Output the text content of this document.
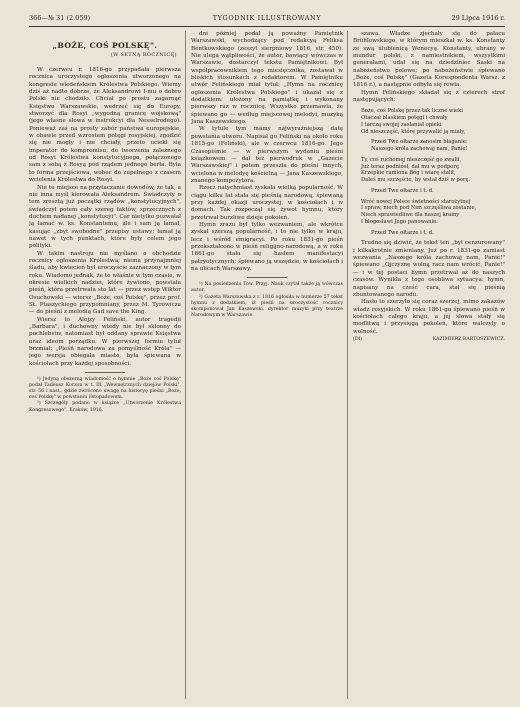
366—№ 31 (2.059)	TYGODNIK ILLUSTROWANY	29 Lipca 1916 r.
„BOŻE, COŚ POLSKĘ".
(W SETNĄ ROCZNICĘ)

W czerwcu r. 1816-go przypadała pierwsza rocznica uroczystego ogłoszenia utworzonego na kongresie wiedeńskiem Królestwa Polskiego. Wiemy dziś aż nadto dobrze, że Aleksandrowi I-mu o dobro Polski nie chodziło. Chciał po prostu zagarnąć Księstwo Warszawskie, wedrzeć się do Europy, stworzyć dla Rosyi „wygodną granicę wojskową" (jego własne słowa w instrukcyi dla Nesselrodego). Ponieważ zaś na prosty zabór państwa europejskie, w obawie przed wzrostem potęgi rosyjskiej, zgodzić się nie mogły i nie chciały, przeto uciekł się imperator do kompromisu, do tworzenia zależnego od Rosyi Królestwa konstytucyjnego, połączonego sam z sobą z Rosyą pod rządem jednego berła. Była to forma przejściowa, wobec do zupełnego z czasem wcielenia Królestwa do Rosyi.

Nie tu miejsce na przytaczanie dowodów, że tak, a nie inna myśl kierowała Aleksandrem. Świadczyły o tem zresztą już początki rządów „konstytucyjnych", świadczył potem cały szereg faktów, sprzecznych z duchem nadanej „konstytucyi". Car nietylko pozwalał ją łamać w. ks. Konstantemu, ale i sam ją łamał, kasując „zbyt swobodne" przepisy ustawy; łamał ją nawet w tych punktach, które były celem jego polityki.

W takim nastroju nie myślano o obchodzie rocznicy ogłoszenia Królestwa; niema przynajmniej śladu, aby kwiecień był uroczyście zaznaczony w tym roku. Wiadomo jednak, że to właśnie w tym czasie, w okresie wielkich nadziei, które żywiono, powstała pieśń, która przetrwała sto lat — przez wstęp Wiktor Osuchowski — wiersz „Boże, coś Polskę", przez prof. St. Ptaszyckiego przypomniany, przez M. Tyrowicza — do pieśni z melodią Gad save the King.

Wiersz to Alojzy Feliński, autor tragedii „Barbara", i duchowny wtedy nie był skłonny do pochlebstw, natomiast był oddany sprawie Księstwa oraz ideom porządku. W pierwszej formie tytuł brzmiał: „Pieśń narodowa za pomyślność Króla" — jego wersja obiegała miasto, była śpiewana w kościołach przy każdej sposobności.

¹) Jedyną obszerną wiadomość o hymnie „Boże coś Polskę" podał Tadeusz Korzon w t. III „Wewnętrznych dziejów Polski", str. 56 i nast., gdzie zwrócono uwagę na historyę pieśni „Boże, coś Polskę" w powstaniu listopadowem.

²) Szczegóły podano w książce „Utworzenie Królestwa Kongresowego", Kraków, 1916.

dni później podał ją poważny Pamiętnik Warszawski, wychodzący pod redakcyą Feliksa Bentkowskiego (zeszyt sierpniowy 1816, str. 450). Nie ulega wątpliwości, że autor, bawiący wówczas w Warszawie, dostarczył tekstu Pamiętnikowi. Był współpracownikiem tego miesięcznika, zostawał w bliskich stosunkach z redaktorem. W Pamiętniku utwór Felińskiego miał tytuł: „Hymn na rocznicę ogłoszenia Królestwa Polskiego" i ukazał się z dodatkiem: ułożony na pamiątkę i wykonany pierwszy raz w rocznicę. Wszystko przemawia, że śpiewano go — według miejscowej melodyi, muzyką Jana Kaszewskiego.

W tytule tym mamy najwyraźniejszą datę powstania utworu. Napisał go Feliński na około roku 1815-go (Feliński), ale w czerwcu 1816-go. Jego Czasopiśmie — w pierwszym wydaniu pieśni książkowem — dał też pierwodruk w „Gazecie Warszawskiej" i potem przeszła do pieśni innych, wcielona w melodyę kościelną — Jana Kaszewskiego, znanego kompozytora.

Rzecz natychmiast zyskała wielką popularność. W ciągu kilku lat stała się pieśnią narodową, śpiewaną przy każdej okazji uroczystej, w kościołach i w domach. Tak rozpoczął się żywot hymnu, który przetrwał burzliwe dzieje pokoleń.

Hymn zrazu był tylko wezwaniem, ale wkrótce zyskał szerszą popularność, i to nie tylko w kraju, lecz i wśród emigracyi. Po roku 1831-go pieśń przekształcono w pieśń religijno-narodową, a w roku 1861-go stała się hasłem manifestacyi patryotycznych; śpiewano ją wszędzie, w kościołach i na ulicach Warszawy.

¹) Na posiedzeniu Tow. Przyj. Nauk czytał także ją wówczas autor.

²) Gazeta Warszawska z r. 1816 ogłosiła w numerze 57 tekst hymnu z dodatkiem, iż pieśń na uroczystość rocznicy skomponował Jan Kaszewski, dyrektor muzyki przy teatrze Narodowym w Warszawie.

szawa. Władze zjechały się do pałacu Brühlowskiego, w którym mieszkał w. ks. Konstanty ze swą ulubienicą Wenecyą. Konstanty, ubrany w mundur polski, z namiestnikiem, wszystkimi generałami, udał się na dziedziniec Saski na nabożeństwo polowe; po nabożeństwie śpiewano „Boże, coś Polskę" (Gazeta Korespondenta Warsz. z 1816 r.), a następnie odbyła się rewia.

Hymn Felińskiego składał się z czterech strof następujących:

Boże, coś Polskę przez tak liczne wieki

Otaczał blaskiem potęgi i chwały

I tarczą swojej zasłaniał opieki

Od nieszczęść, które przywalić ją miały,

Przed Twe ołtarze zanosim błaganie:

Naszego króla zachowaj nam, Panie!

Ty, coś ruchomej nieszczęść go zwalił,

Już teraz podniósł, dał mu w podporę

Krzepkie ramiona Bóg i wiarę stalił,

Dałeś mu szczęście, by wstał dziś w porę.

Przed Twe ołtarze i t. d.

Wróć nowej Polsce świetności starożytnej

I spraw, niech pod Nim szczęśliwa zostanie,

Niech sprawiedliwe dla naszej krainy

I błogosławi Jego panowanie.

Przed Twe ołtarze i t. d.

Trudno się dziwić, że tekst ten „był cenzurowany" i kilkakrotnie zmieniany. Już po r. 1831-go zamiast wezwania „Naszego króla zachowaj nam, Panie!" śpiewano „Ojczyznę wolną racz nam wrócić, Panie!" — i w tej postaci hymn przetrwał aż do naszych czasów. Wynikła z tego osobliwa sytuacya: hymn, napisany na cześć cara, stał się pieśnią zbuntowanego narodu.

Hasło to szerzyło się coraz szerzej, mimo zakazów władz rosyjskich. W roku 1861-go śpiewano pieśń w kościołach całego kraju, a jej słowa stały się modlitwą i przysięgą pokoleń, które walczyły o wolność.

(Dł)	KAZIMIERZ BARTOSZEWICZ.
